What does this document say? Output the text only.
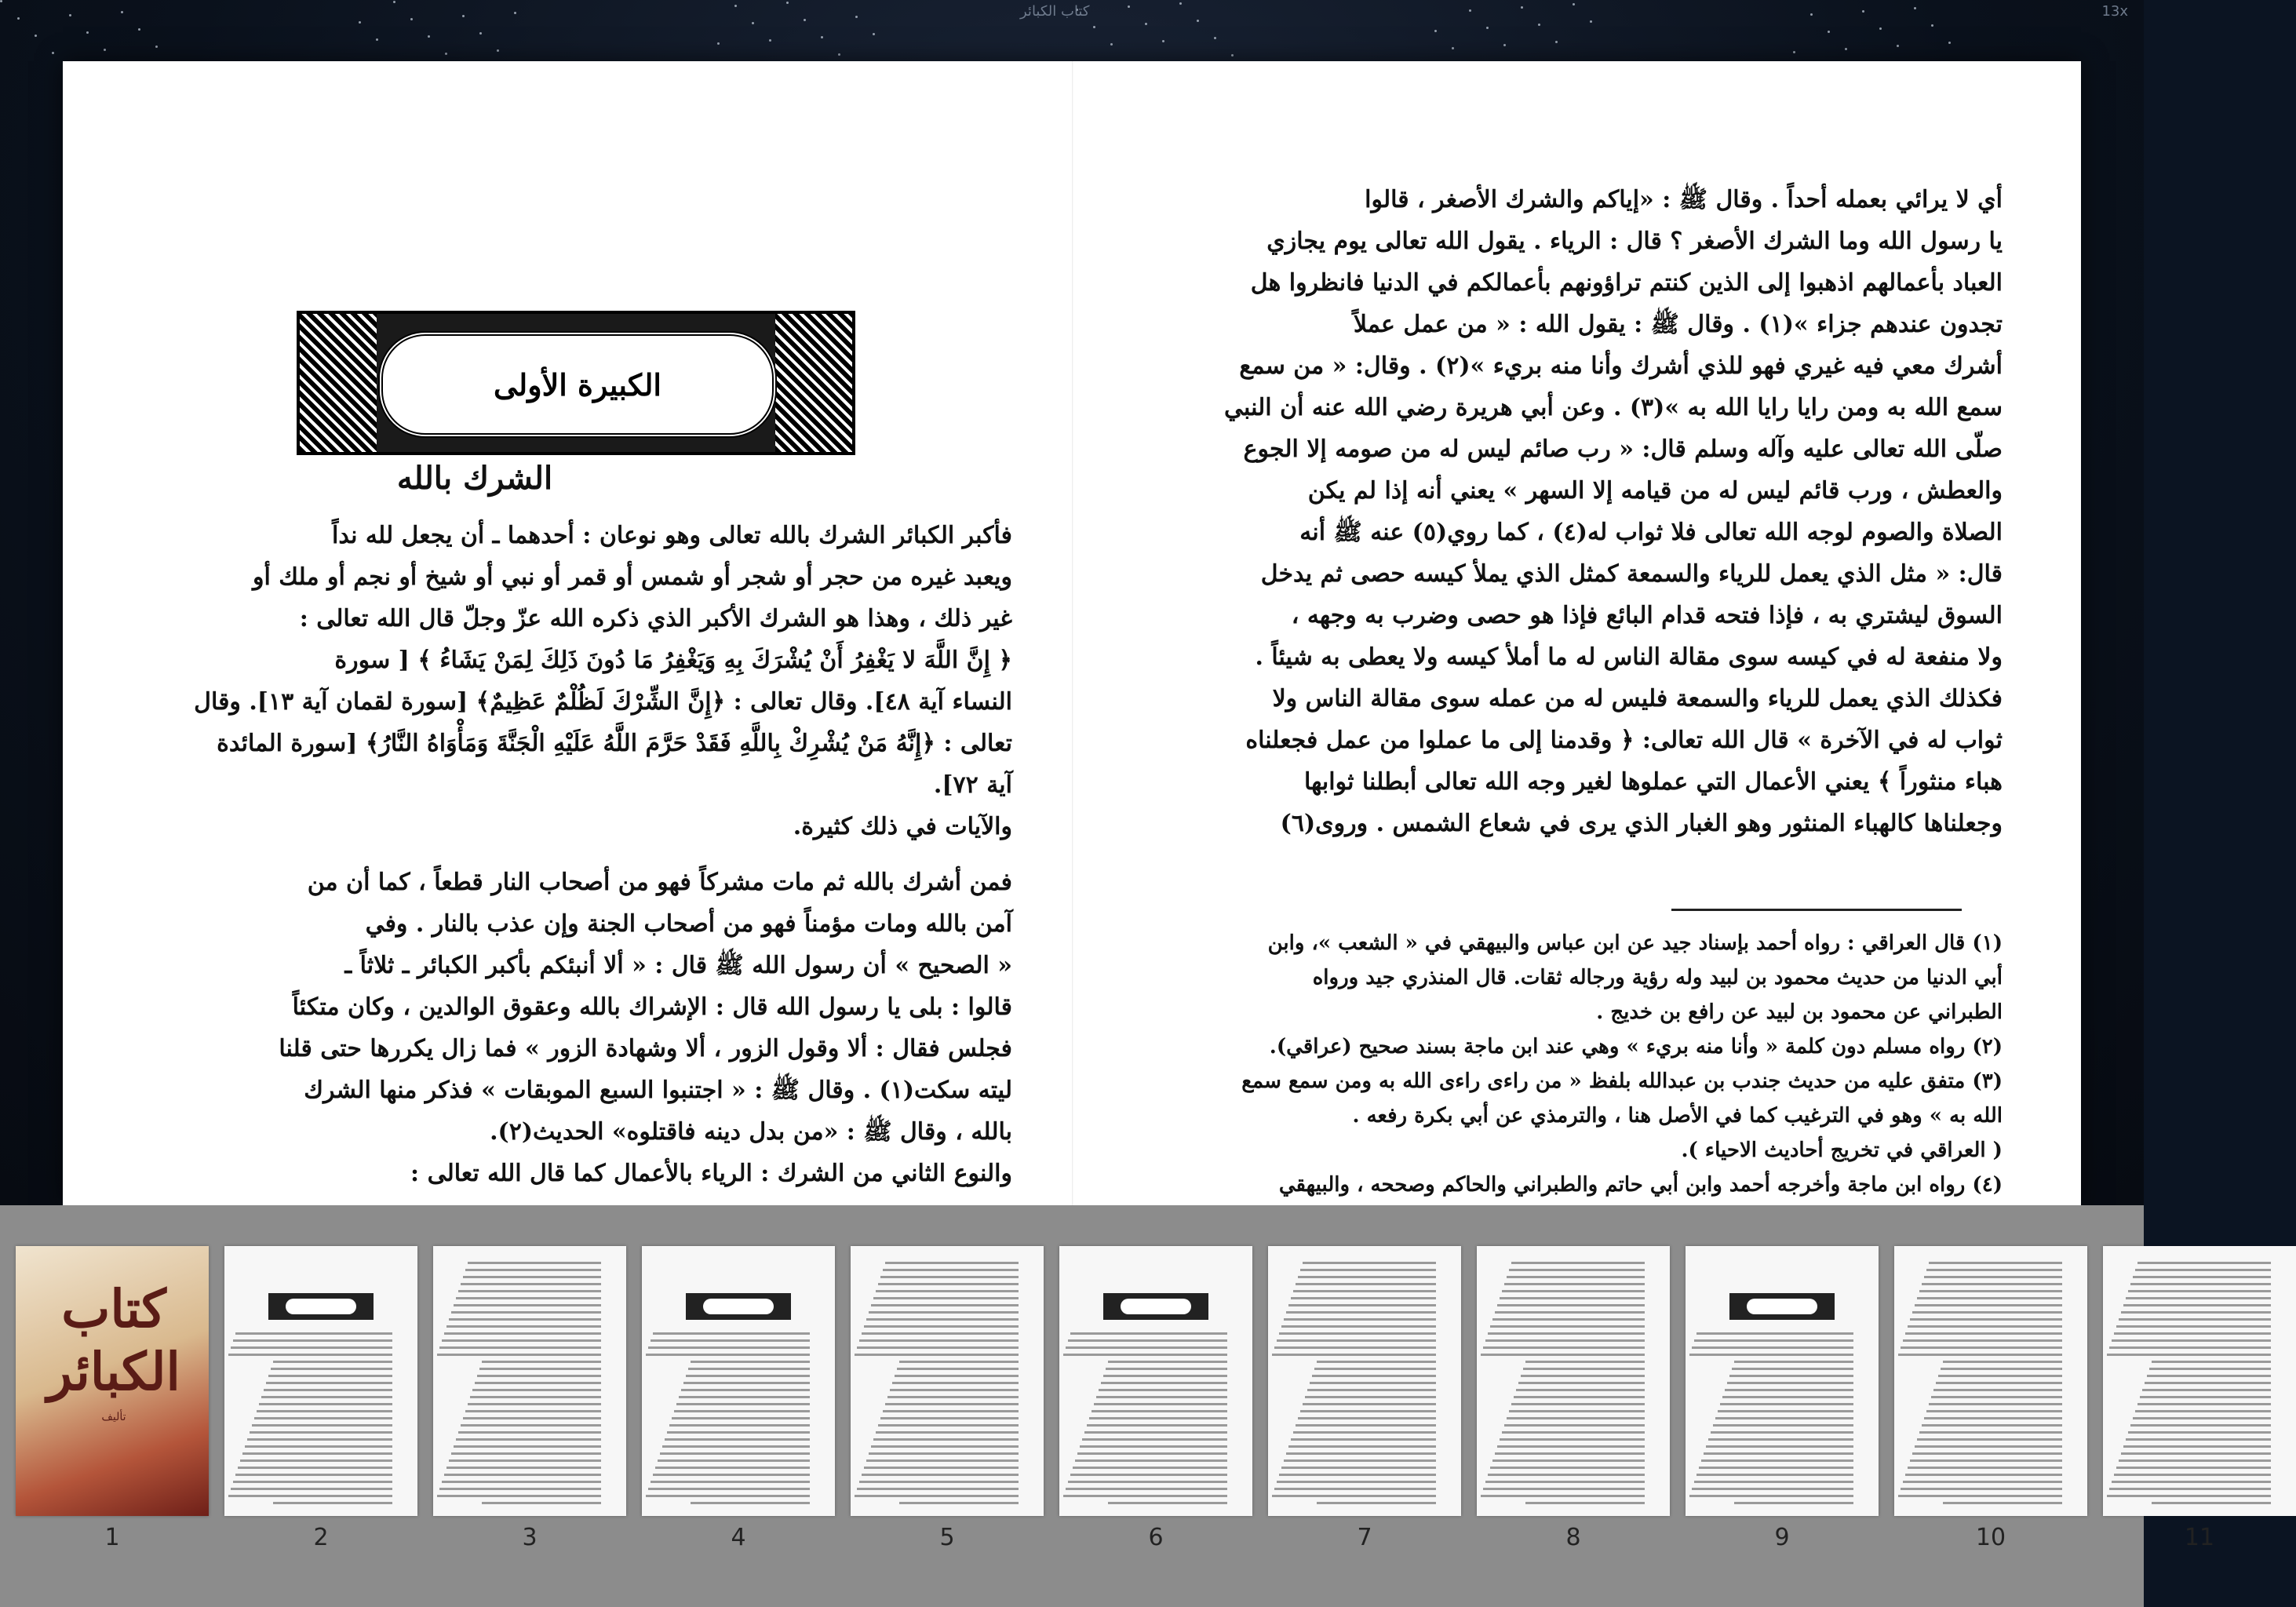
كتاب الكبائر	13x
الكبيرة الأولى
الشرك بالله
فأكبر الكبائر الشرك بالله تعالى وهو نوعان : أحدهما ـ أن يجعل لله نداً
ويعبد غيره من حجر أو شجر أو شمس أو قمر أو نبي أو شيخ أو نجم أو ملك أو
غير ذلك ، وهذا هو الشرك الأكبر الذي ذكره الله عزّ وجلّ قال الله تعالى :
﴿ إِنَّ اللَّهَ لا يَغْفِرُ أَنْ يُشْرَكَ بِهِ وَيَغْفِرُ مَا دُونَ ذَلِكَ لِمَنْ يَشَاءُ ﴾ [ سورة
النساء آية ٤٨]. وقال تعالى : ﴿إِنَّ الشِّرْكَ لَظُلْمٌ عَظِيمٌ﴾ [سورة لقمان آية ١٣]. وقال
تعالى : ﴿إِنَّهُ مَنْ يُشْرِكْ بِاللَّهِ فَقَدْ حَرَّمَ اللَّهُ عَلَيْهِ الْجَنَّةَ وَمَأْوَاهُ النَّارُ﴾ [سورة المائدة
آية ٧٢].
والآيات في ذلك كثيرة.
فمن أشرك بالله ثم مات مشركاً فهو من أصحاب النار قطعاً ، كما أن من
آمن بالله ومات مؤمناً فهو من أصحاب الجنة وإن عذب بالنار . وفي
« الصحيح » أن رسول الله ﷺ قال : « ألا أنبئكم بأكبر الكبائر ـ ثلاثاً ـ
قالوا : بلى يا رسول الله قال : الإشراك بالله وعقوق الوالدين ، وكان متكئاً
فجلس فقال : ألا وقول الزور ، ألا وشهادة الزور » فما زال يكررها حتى قلنا
ليته سكت(١) . وقال ﷺ : « اجتنبوا السبع الموبقات » فذكر منها الشرك
بالله ، وقال ﷺ : «من بدل دينه فاقتلوه» الحديث(٢).
والنوع الثاني من الشرك : الرياء بالأعمال كما قال الله تعالى :
أي لا يرائي بعمله أحداً . وقال ﷺ : «إياكم والشرك الأصغر ، قالوا
يا رسول الله وما الشرك الأصغر ؟ قال : الرياء . يقول الله تعالى يوم يجازي
العباد بأعمالهم اذهبوا إلى الذين كنتم تراؤونهم بأعمالكم في الدنيا فانظروا هل
تجدون عندهم جزاء »(١) . وقال ﷺ : يقول الله : « من عمل عملاً
أشرك معي فيه غيري فهو للذي أشرك وأنا منه بريء »(٢) . وقال: « من سمع
سمع الله به ومن رايا رايا الله به »(٣) . وعن أبي هريرة رضي الله عنه أن النبي
صلّى الله تعالى عليه وآله وسلم قال: « رب صائم ليس له من صومه إلا الجوع
والعطش ، ورب قائم ليس له من قيامه إلا السهر » يعني أنه إذا لم يكن
الصلاة والصوم لوجه الله تعالى فلا ثواب له(٤) ، كما روي(٥) عنه ﷺ أنه
قال: « مثل الذي يعمل للرياء والسمعة كمثل الذي يملأ كيسه حصى ثم يدخل
السوق ليشتري به ، فإذا فتحه قدام البائع فإذا هو حصى وضرب به وجهه ،
ولا منفعة له في كيسه سوى مقالة الناس له ما أملأ كيسه ولا يعطى به شيئاً .
فكذلك الذي يعمل للرياء والسمعة فليس له من عمله سوى مقالة الناس ولا
ثواب له في الآخرة » قال الله تعالى: ﴿ وقدمنا إلى ما عملوا من عمل فجعلناه
هباء منثوراً ﴾ يعني الأعمال التي عملوها لغير وجه الله تعالى أبطلنا ثوابها
وجعلناها كالهباء المنثور وهو الغبار الذي يرى في شعاع الشمس . وروى(٦)
(١) قال العراقي : رواه أحمد بإسناد جيد عن ابن عباس والبيهقي في « الشعب »، وابن
أبي الدنيا من حديث محمود بن لبيد وله رؤية ورجاله ثقات. قال المنذري جيد ورواه
الطبراني عن محمود بن لبيد عن رافع بن خديج .
(٢) رواه مسلم دون كلمة « وأنا منه بريء » وهي عند ابن ماجة بسند صحيح (عراقي).
(٣) متفق عليه من حديث جندب بن عبدالله بلفظ « من راءى راءى الله به ومن سمع سمع
الله به » وهو في الترغيب كما في الأصل هنا ، والترمذي عن أبي بكرة رفعه .
( العراقي في تخريج أحاديث الاحياء ).
(٤) رواه ابن ماجة وأخرجه أحمد وابن أبي حاتم والطبراني والحاكم وصححه ، والبيهقي
كتاب الكبائر
تأليف
1	2	3	4	5	6	7	8	9	10	11
